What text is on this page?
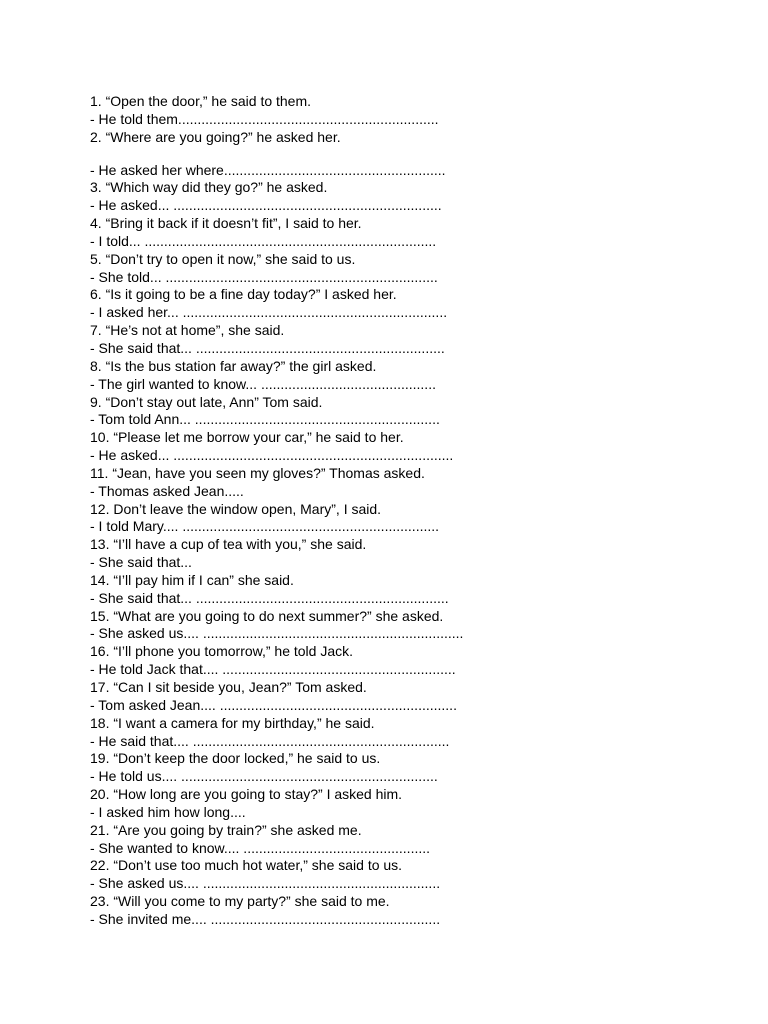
1. “Open the door,” he said to them.
- He told them...................................................................
2. “Where are you going?” he asked her.
- He asked her where.........................................................
3. “Which way did they go?” he asked.
- He asked... .....................................................................
4. “Bring it back if it doesn’t fit”, I said to her.
- I told... ...........................................................................
5. “Don’t try to open it now,” she said to us.
- She told... ......................................................................
6. “Is it going to be a fine day today?” I asked her.
- I asked her... ....................................................................
7. “He’s not at home”, she said.
- She said that... ................................................................
8. “Is the bus station far away?” the girl asked.
- The girl wanted to know... .............................................
9. “Don’t stay out late, Ann” Tom said.
- Tom told Ann... ...............................................................
10. “Please let me borrow your car,” he said to her.
- He asked... ........................................................................
11. “Jean, have you seen my gloves?” Thomas asked.
- Thomas asked Jean.....
12. Don’t leave the window open, Mary”, I said.
- I told Mary.... ..................................................................
13. “I’ll have a cup of tea with you,” she said.
- She said that...
14. “I’ll pay him if I can” she said.
- She said that... .................................................................
15. “What are you going to do next summer?” she asked.
- She asked us.... ...................................................................
16. “I’ll phone you tomorrow,” he told Jack.
- He told Jack that.... ............................................................
17. “Can I sit beside you, Jean?” Tom asked.
- Tom asked Jean.... .............................................................
18. “I want a camera for my birthday,” he said.
- He said that.... ..................................................................
19. “Don’t keep the door locked,” he said to us.
- He told us.... ..................................................................
20. “How long are you going to stay?” I asked him.
- I asked him how long....
21. “Are you going by train?” she asked me.
- She wanted to know.... ................................................
22. “Don’t use too much hot water,” she said to us.
- She asked us.... .............................................................
23. “Will you come to my party?” she said to me.
- She invited me.... ...........................................................
